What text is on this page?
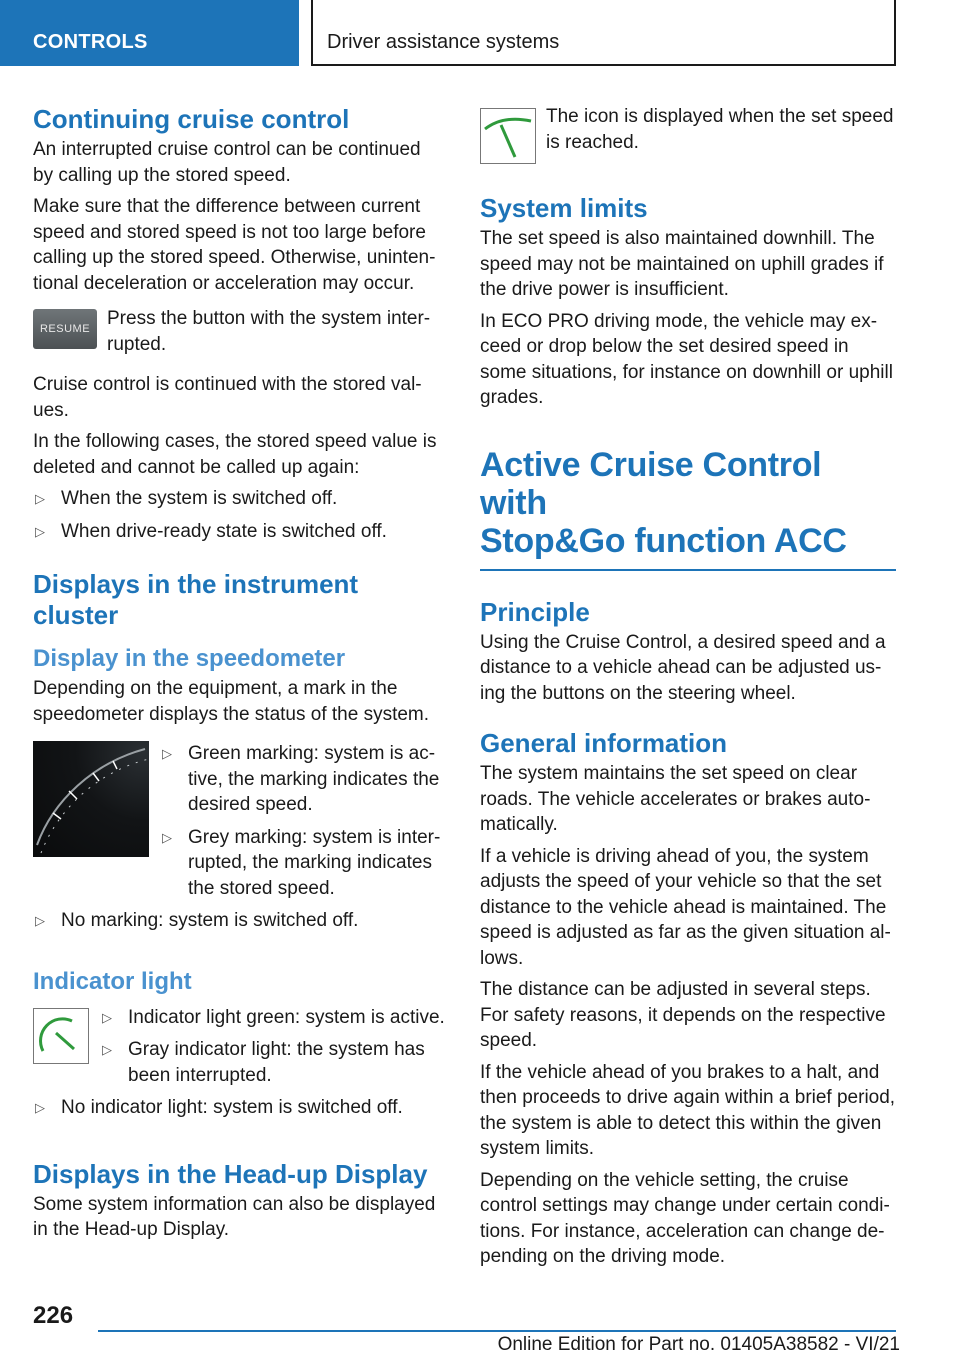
CONTROLS	Driver assistance systems
Continuing cruise control

An interrupted cruise control can be continued by calling up the stored speed.

Make sure that the difference between current speed and stored speed is not too large before calling up the stored speed. Otherwise, uninten-tional deceleration or acceleration may occur.

RESUME Press the button with the system inter-rupted.

Cruise control is continued with the stored val-ues.

In the following cases, the stored speed value is deleted and cannot be called up again:

▷ When the system is switched off.
▷ When drive-ready state is switched off.
Displays in the instrument cluster
Display in the speedometer

Depending on the equipment, a mark in the speedometer displays the status of the system.

▷ Green marking: system is ac-tive, the marking indicates the desired speed.
▷ Grey marking: system is inter-rupted, the marking indicates the stored speed.
▷ No marking: system is switched off.
Indicator light
▷ Indicator light green: system is active.
▷ Gray indicator light: the system has been interrupted.
▷ No indicator light: system is switched off.
Displays in the Head-up Display

Some system information can also be displayed in the Head-up Display.

The icon is displayed when the set speed is reached.

System limits

The set speed is also maintained downhill. The speed may not be maintained on uphill grades if the drive power is insufficient.

In ECO PRO driving mode, the vehicle may ex-ceed or drop below the set desired speed in some situations, for instance on downhill or uphill grades.

Active Cruise Control with
Stop&Go function ACC
Principle

Using the Cruise Control, a desired speed and a distance to a vehicle ahead can be adjusted us-ing the buttons on the steering wheel.

General information

The system maintains the set speed on clear roads. The vehicle accelerates or brakes auto-matically.

If a vehicle is driving ahead of you, the system adjusts the speed of your vehicle so that the set distance to the vehicle ahead is maintained. The speed is adjusted as far as the given situation al-lows.

The distance can be adjusted in several steps. For safety reasons, it depends on the respective speed.

If the vehicle ahead of you brakes to a halt, and then proceeds to drive again within a brief period, the system is able to detect this within the given system limits.

Depending on the vehicle setting, the cruise control settings may change under certain condi-tions. For instance, acceleration can change de-pending on the driving mode.

226
Online Edition for Part no. 01405A38582 - VI/21
